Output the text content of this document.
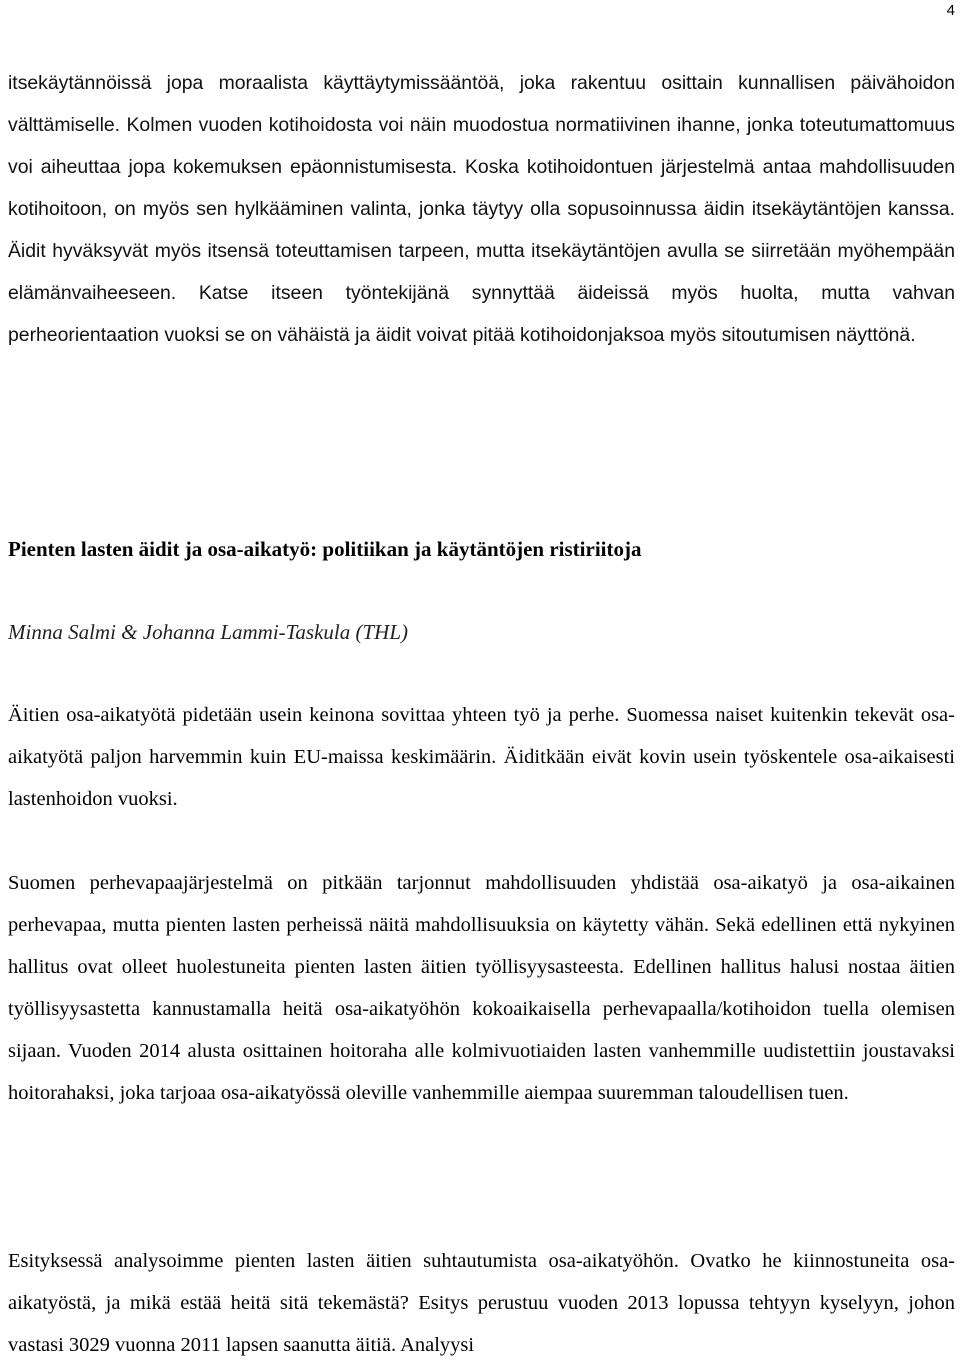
4

itsekäytännöissä jopa moraalista käyttäytymissääntöä, joka rakentuu osittain kunnallisen päivähoidon välttämiselle. Kolmen vuoden kotihoidosta voi näin muodostua normatiivinen ihanne, jonka toteutumattomuus voi aiheuttaa jopa kokemuksen epäonnistumisesta. Koska kotihoidontuen järjestelmä antaa mahdollisuuden kotihoitoon, on myös sen hylkääminen valinta, jonka täytyy olla sopusoinnussa äidin itsekäytäntöjen kanssa. Äidit hyväksyvät myös itsensä toteuttamisen tarpeen, mutta itsekäytäntöjen avulla se siirretään myöhempään elämänvaiheeseen. Katse itseen työntekijänä synnyttää äideissä myös huolta, mutta vahvan perheorientaation vuoksi se on vähäistä ja äidit voivat pitää kotihoidonjaksoa myös sitoutumisen näyttönä.

Pienten lasten äidit ja osa-aikatyö: politiikan ja käytäntöjen ristiriitoja
Minna Salmi & Johanna Lammi-Taskula (THL)

Äitien osa-aikatyötä pidetään usein keinona sovittaa yhteen työ ja perhe. Suomessa naiset kuitenkin tekevät osa-aikatyötä paljon harvemmin kuin EU-maissa keskimäärin. Äiditkään eivät kovin usein työskentele osa-aikaisesti lastenhoidon vuoksi.

Suomen perhevapaajärjestelmä on pitkään tarjonnut mahdollisuuden yhdistää osa-aikatyö ja osa-aikainen perhevapaa, mutta pienten lasten perheissä näitä mahdollisuuksia on käytetty vähän. Sekä edellinen että nykyinen hallitus ovat olleet huolestuneita pienten lasten äitien työllisyysasteesta. Edellinen hallitus halusi nostaa äitien työllisyysastetta kannustamalla heitä osa-aikatyöhön kokoaikaisella perhevapaalla/kotihoidon tuella olemisen sijaan. Vuoden 2014 alusta osittainen hoitoraha alle kolmivuotiaiden lasten vanhemmille uudistettiin joustavaksi hoitorahaksi, joka tarjoaa osa-aikatyössä oleville vanhemmille aiempaa suuremman taloudellisen tuen.

Esityksessä analysoimme pienten lasten äitien suhtautumista osa-aikatyöhön. Ovatko he kiinnostuneita osa-aikatyöstä, ja mikä estää heitä sitä tekemästä? Esitys perustuu vuoden 2013 lopussa tehtyyn kyselyyn, johon vastasi 3029 vuonna 2011 lapsen saanutta äitiä. Analyysi
